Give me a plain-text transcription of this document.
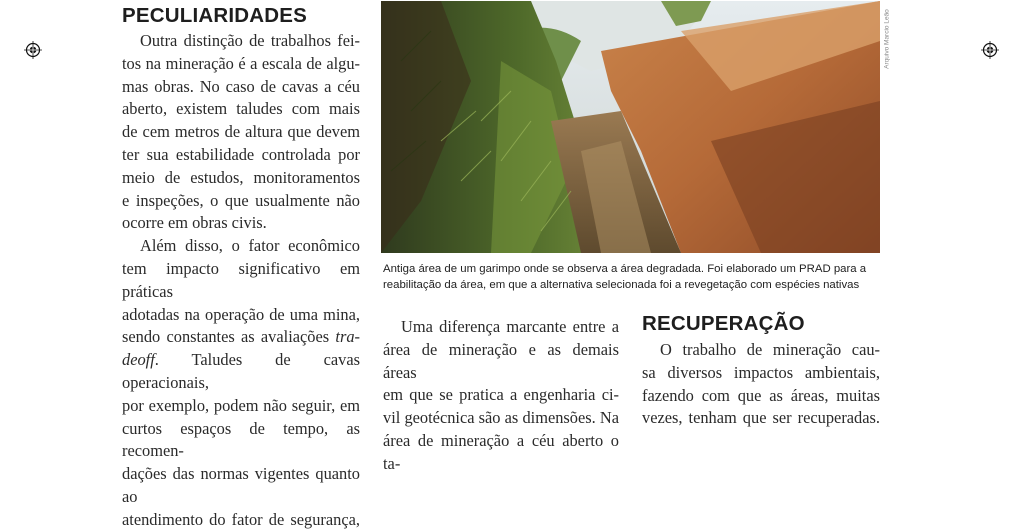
PECULIARIDADES

Outra distinção de trabalhos fei-

tos na mineração é a escala de algu-

mas obras. No caso de cavas a céu

aberto, existem taludes com mais

de cem metros de altura que devem

ter sua estabilidade controlada por

meio de estudos, monitoramentos

e inspeções, o que usualmente não

ocorre em obras civis.

Além disso, o fator econômico

tem impacto significativo em práticas

adotadas na operação de uma mina,

sendo constantes as avaliações tra-

deoff. Taludes de cavas operacionais,

por exemplo, podem não seguir, em

curtos espaços de tempo, as recomen-

dações das normas vigentes quanto ao

atendimento do fator de segurança,

Arquivo Marcio Leão
Antiga área de um garimpo onde se observa a área degradada. Foi elaborado um PRAD para a
reabilitação da área, em que a alternativa selecionada foi a revegetação com espécies nativas

Uma diferença marcante entre a

área de mineração e as demais áreas

em que se pratica a engenharia ci-

vil geotécnica são as dimensões. Na

área de mineração a céu aberto o ta-

RECUPERAÇÃO

O trabalho de mineração cau-

sa diversos impactos ambientais,

fazendo com que as áreas, muitas

vezes, tenham que ser recuperadas.
